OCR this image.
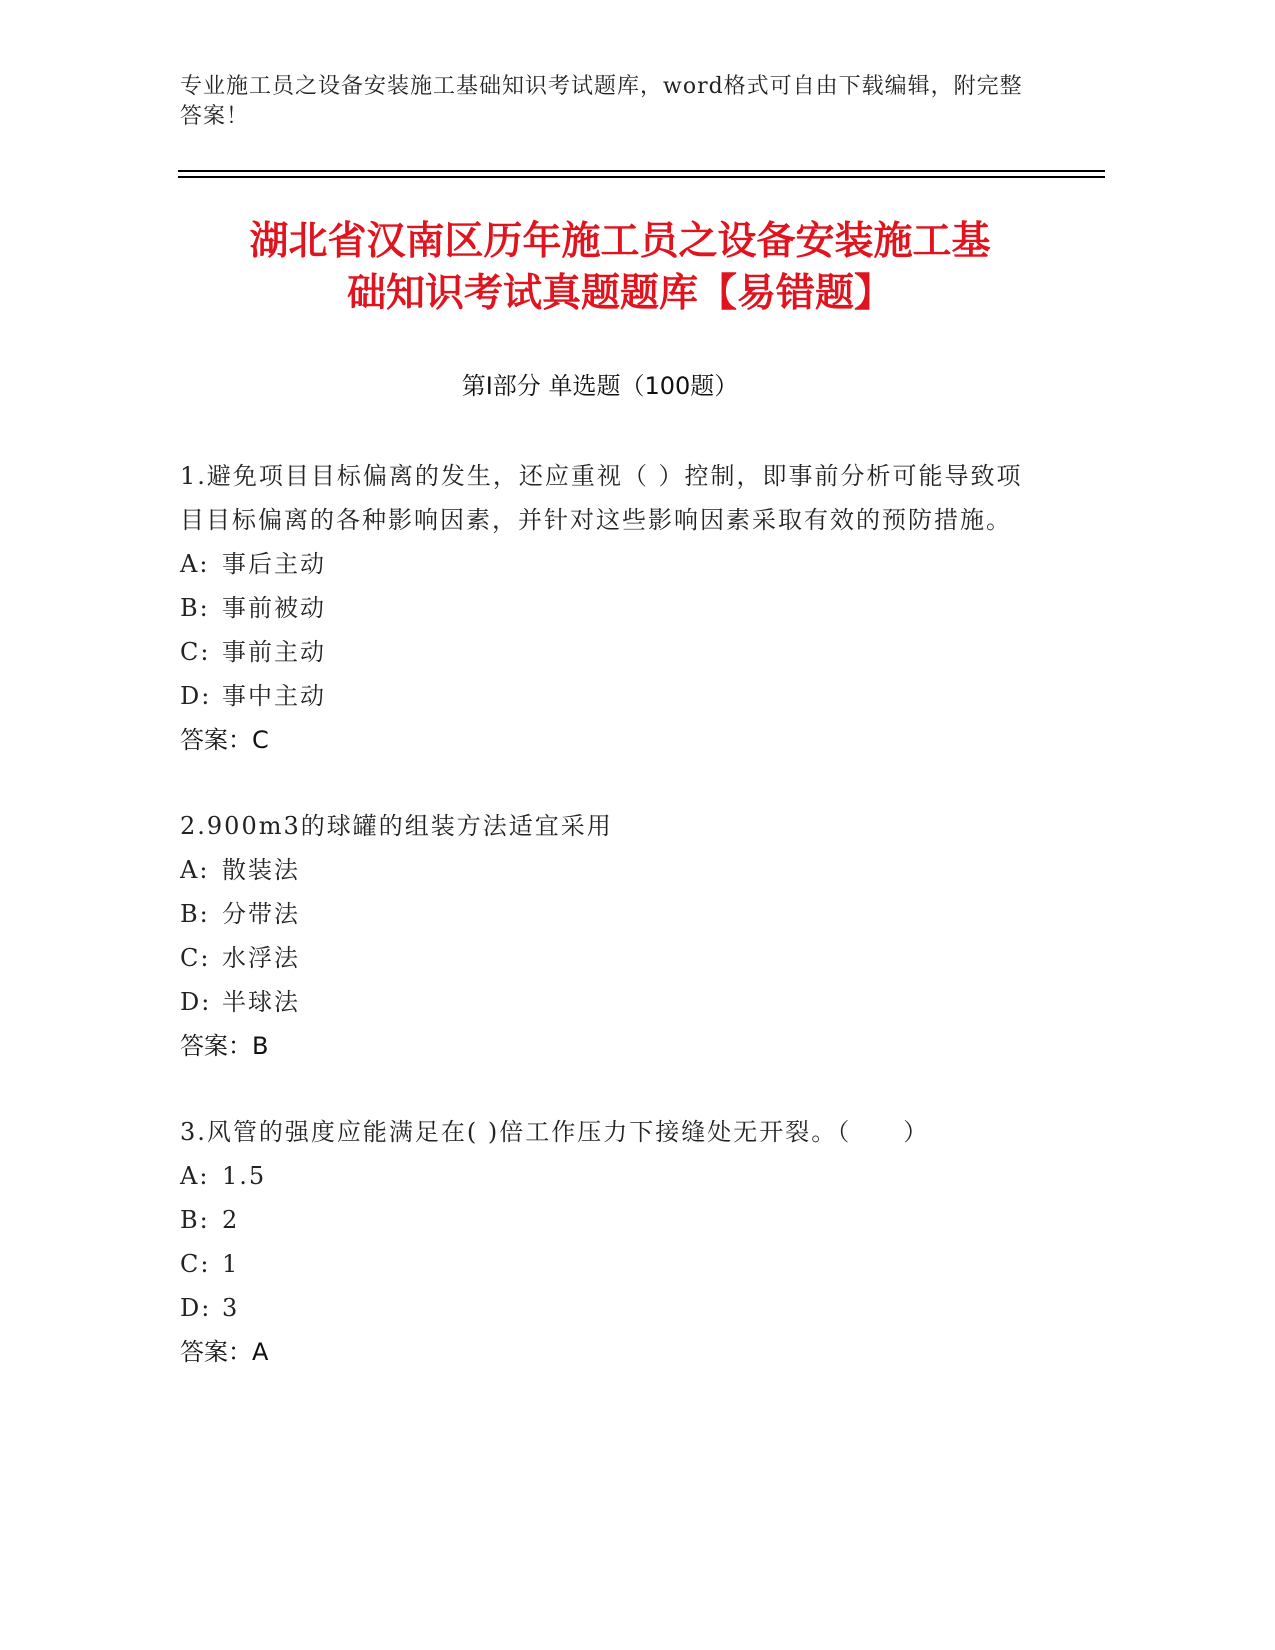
专业施工员之设备安装施工基础知识考试题库，word格式可自由下载编辑，附完整答案！
湖北省汉南区历年施工员之设备安装施工基
础知识考试真题题库【易错题】
第Ⅰ部分 单选题（100题）
1.避免项目目标偏离的发生，还应重视（ ）控制，即事前分析可能导致项目目标偏离的各种影响因素，并针对这些影响因素采取有效的预防措施。
A: 事后主动
B: 事前被动
C: 事前主动
D: 事中主动
答案：C
2.900m3的球罐的组装方法适宜采用
A: 散装法
B: 分带法
C: 水浮法
D: 半球法
答案：B
3.风管的强度应能满足在( )倍工作压力下接缝处无开裂。（　　）
A: 1.5
B: 2
C: 1
D: 3
答案：A
